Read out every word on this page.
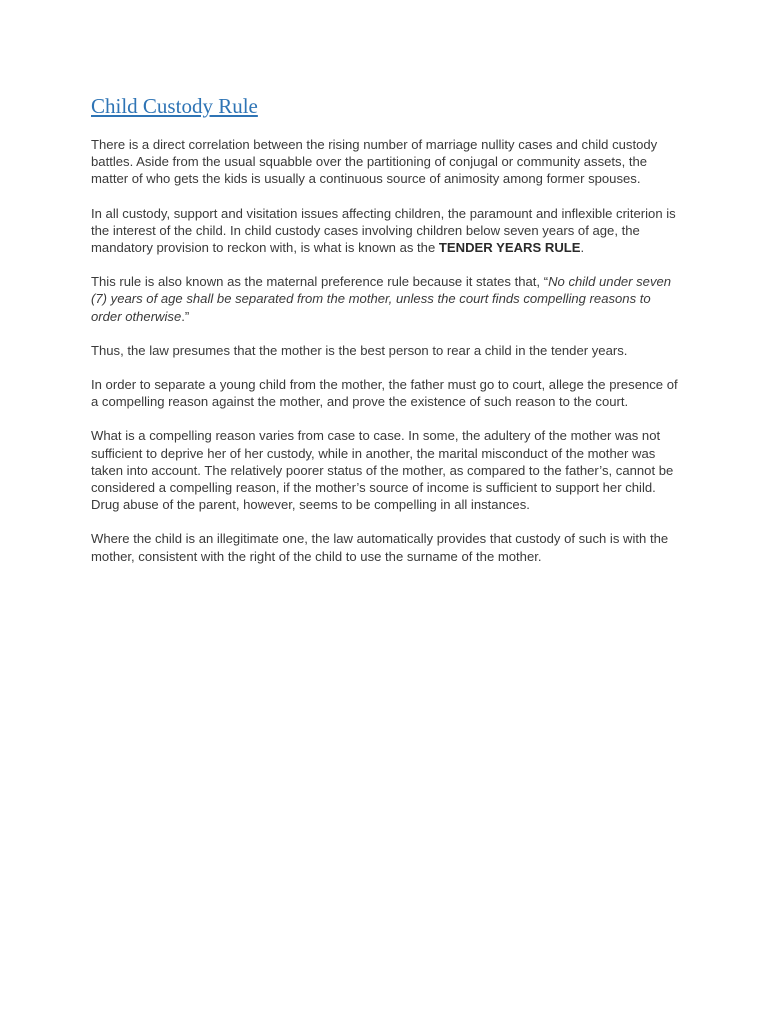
Child Custody Rule

There is a direct correlation between the rising number of marriage nullity cases and child custody battles. Aside from the usual squabble over the partitioning of conjugal or community assets, the matter of who gets the kids is usually a continuous source of animosity among former spouses.

In all custody, support and visitation issues affecting children, the paramount and inflexible criterion is the interest of the child. In child custody cases involving children below seven years of age, the mandatory provision to reckon with, is what is known as the TENDER YEARS RULE.

This rule is also known as the maternal preference rule because it states that, “No child under seven (7) years of age shall be separated from the mother, unless the court finds compelling reasons to order otherwise.”

Thus, the law presumes that the mother is the best person to rear a child in the tender years.

In order to separate a young child from the mother, the father must go to court, allege the presence of a compelling reason against the mother, and prove the existence of such reason to the court.

What is a compelling reason varies from case to case. In some, the adultery of the mother was not sufficient to deprive her of her custody, while in another, the marital misconduct of the mother was taken into account. The relatively poorer status of the mother, as compared to the father’s, cannot be considered a compelling reason, if the mother’s source of income is sufficient to support her child. Drug abuse of the parent, however, seems to be compelling in all instances.

Where the child is an illegitimate one, the law automatically provides that custody of such is with the mother, consistent with the right of the child to use the surname of the mother.
